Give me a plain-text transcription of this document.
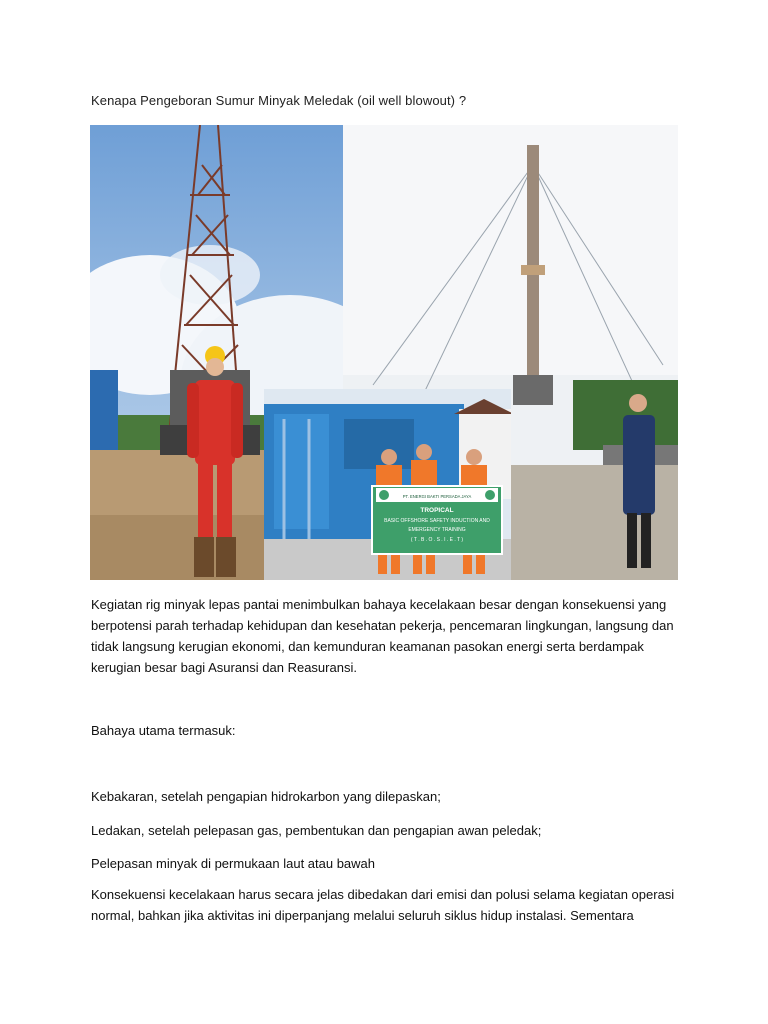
Kenapa Pengeboran Sumur Minyak Meledak (oil well blowout) ?
PT. ENERGI BAKTI PERSADA JAYA
TROPICAL
BASIC OFFSHORE SAFETY INDUCTION AND
EMERGENCY TRAINING
( T . B . O . S . I . E . T )
Kegiatan rig minyak lepas pantai menimbulkan bahaya kecelakaan besar dengan konsekuensi yang berpotensi parah terhadap kehidupan dan kesehatan pekerja, pencemaran lingkungan, langsung dan tidak langsung kerugian ekonomi, dan kemunduran keamanan pasokan energi serta berdampak kerugian besar bagi Asuransi dan Reasuransi.
Bahaya utama termasuk:
Kebakaran, setelah pengapian hidrokarbon yang dilepaskan;
Ledakan, setelah pelepasan gas, pembentukan dan pengapian awan peledak;
Pelepasan minyak di permukaan laut atau bawah
Konsekuensi kecelakaan harus secara jelas dibedakan dari emisi dan polusi selama kegiatan operasi normal, bahkan jika aktivitas ini diperpanjang melalui seluruh siklus hidup instalasi. Sementara
